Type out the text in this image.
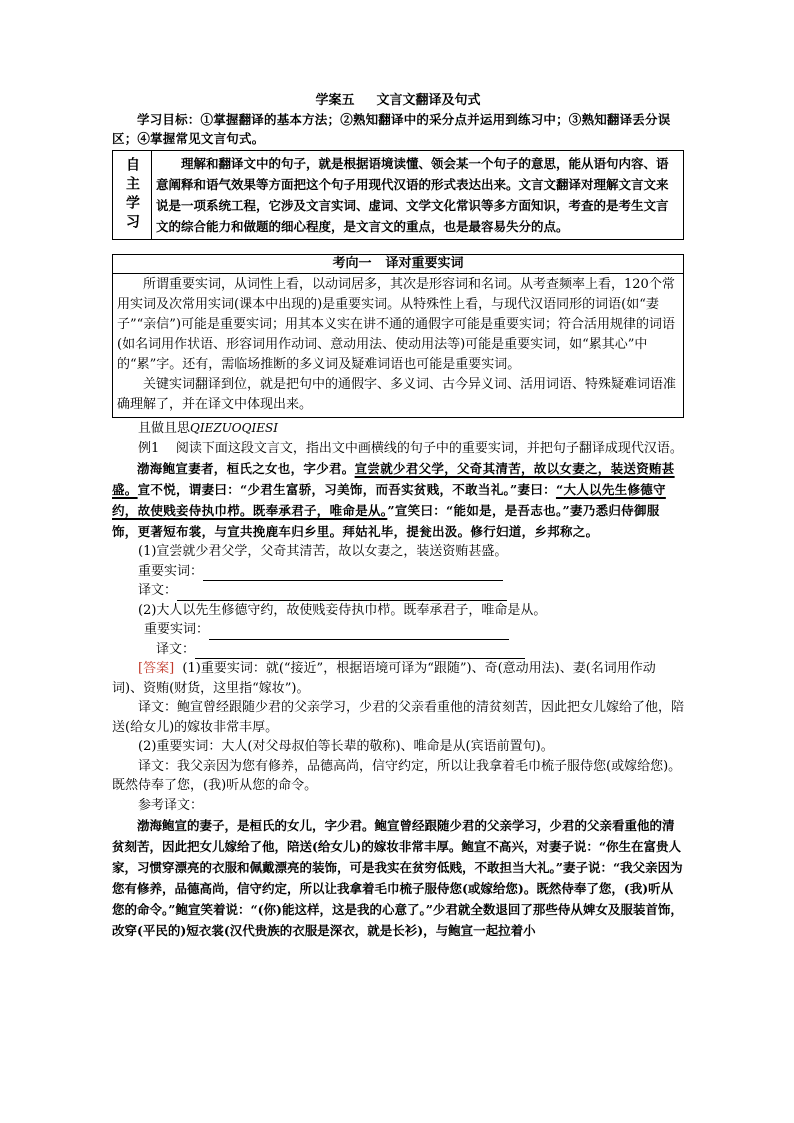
学案五 文言文翻译及句式
学习目标：①掌握翻译的基本方法；②熟知翻译中的采分点并运用到练习中；③熟知翻译丢分误区；④掌握常见文言句式。
自主学习	理解和翻译文中的句子，就是根据语境读懂、领会某一个句子的意思，能从语句内容、语意阐释和语气效果等方面把这个句子用现代汉语的形式表达出来。文言文翻译对理解文言文来说是一项系统工程，它涉及文言实词、虚词、文学文化常识等多方面知识，考查的是考生文言文的综合能力和做题的细心程度，是文言文的重点，也是最容易失分的点。
考向一 译对重要实词

所谓重要实词，从词性上看，以动词居多，其次是形容词和名词。从考查频率上看，120个常用实词及次常用实词(课本中出现的)是重要实词。从特殊性上看，与现代汉语同形的词语(如“妻子”“亲信”)可能是重要实词；用其本义实在讲不通的通假字可能是重要实词；符合活用规律的词语(如名词用作状语、形容词用作动词、意动用法、使动用法等)可能是重要实词，如“累其心”中的“累”字。还有，需临场推断的多义词及疑难词语也可能是重要实词。

关键实词翻译到位，就是把句中的通假字、多义词、古今异义词、活用词语、特殊疑难词语准确理解了，并在译文中体现出来。

且做且思QIEZUOQIESI

例1 阅读下面这段文言文，指出文中画横线的句子中的重要实词，并把句子翻译成现代汉语。

渤海鲍宣妻者，桓氏之女也，字少君。宣尝就少君父学，父奇其清苦，故以女妻之，装送资贿甚盛。宣不悦，谓妻曰：“少君生富骄，习美饰，而吾实贫贱，不敢当礼。”妻曰：“大人以先生修德守约，故使贱妾侍执巾栉。既奉承君子，唯命是从。”宣笑曰：“能如是，是吾志也。”妻乃悉归侍御服饰，更著短布裳，与宣共挽鹿车归乡里。拜姑礼毕，提瓮出汲。修行妇道，乡邦称之。

(1)宣尝就少君父学，父奇其清苦，故以女妻之，装送资贿甚盛。

重要实词：

译文：

(2)大人以先生修德守约，故使贱妾侍执巾栉。既奉承君子，唯命是从。

重要实词：

译文：

[答案] (1)重要实词：就(“接近”，根据语境可译为“跟随”)、奇(意动用法)、妻(名词用作动词)、资贿(财货，这里指“嫁妆”)。

译文：鲍宣曾经跟随少君的父亲学习，少君的父亲看重他的清贫刻苦，因此把女儿嫁给了他，陪送(给女儿)的嫁妆非常丰厚。

(2)重要实词：大人(对父母叔伯等长辈的敬称)、唯命是从(宾语前置句)。

译文：我父亲因为您有修养，品德高尚，信守约定，所以让我拿着毛巾梳子服侍您(或嫁给您)。既然侍奉了您，(我)听从您的命令。

参考译文：

渤海鲍宣的妻子，是桓氏的女儿，字少君。鲍宣曾经跟随少君的父亲学习，少君的父亲看重他的清贫刻苦，因此把女儿嫁给了他，陪送(给女儿)的嫁妆非常丰厚。鲍宣不高兴，对妻子说：“你生在富贵人家，习惯穿漂亮的衣服和佩戴漂亮的装饰，可是我实在贫穷低贱，不敢担当大礼。”妻子说：“我父亲因为您有修养，品德高尚，信守约定，所以让我拿着毛巾梳子服侍您(或嫁给您)。既然侍奉了您，(我)听从您的命令。”鲍宣笑着说：“(你)能这样，这是我的心意了。”少君就全数退回了那些侍从婢女及服装首饰，改穿(平民的)短衣裳(汉代贵族的衣服是深衣，就是长衫)，与鲍宣一起拉着小
